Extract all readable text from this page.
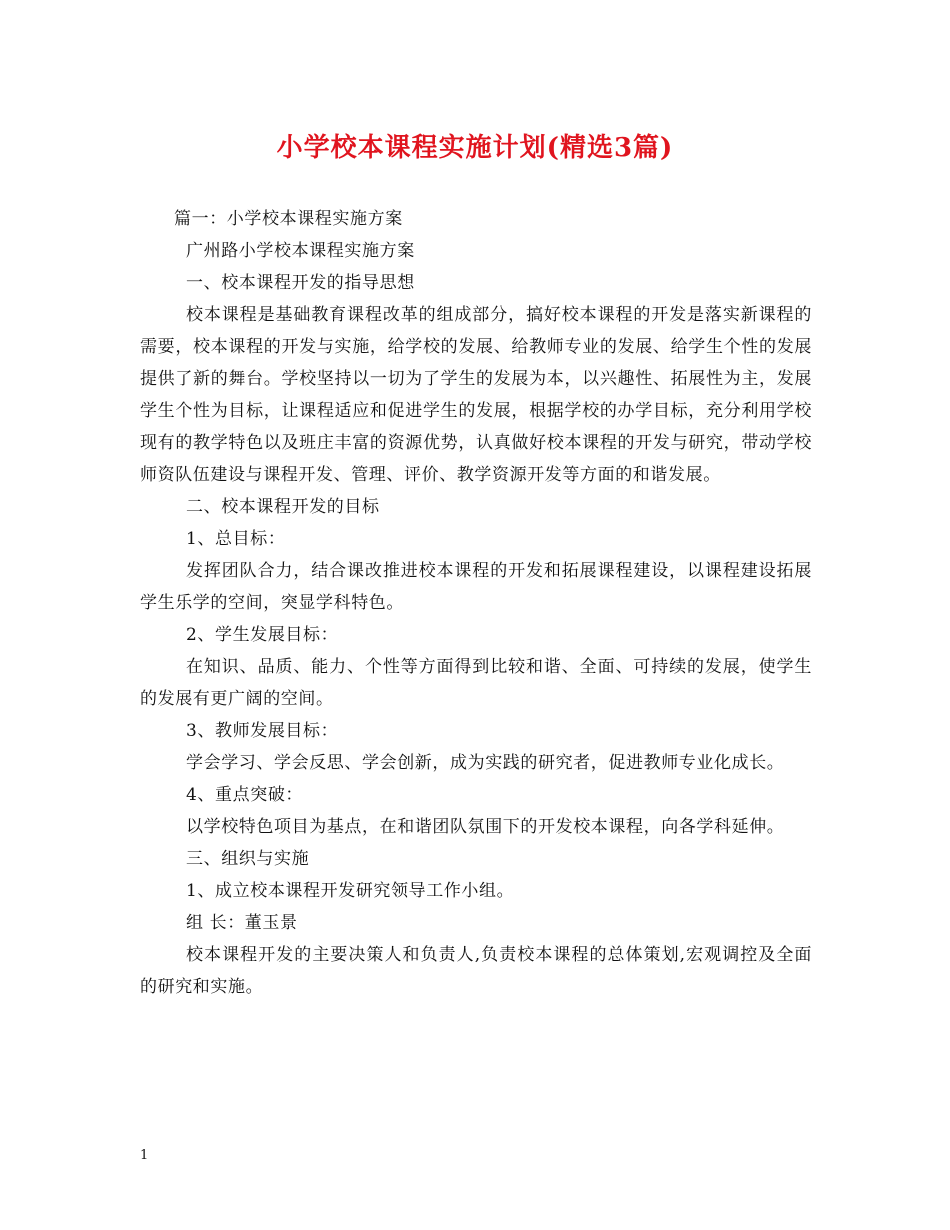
小学校本课程实施计划(精选3篇)

篇一：小学校本课程实施方案

广州路小学校本课程实施方案

一、校本课程开发的指导思想

校本课程是基础教育课程改革的组成部分，搞好校本课程的开发是落实新课程的需要，校本课程的开发与实施，给学校的发展、给教师专业的发展、给学生个性的发展提供了新的舞台。学校坚持以一切为了学生的发展为本，以兴趣性、拓展性为主，发展学生个性为目标，让课程适应和促进学生的发展，根据学校的办学目标，充分利用学校现有的教学特色以及班庄丰富的资源优势，认真做好校本课程的开发与研究，带动学校师资队伍建设与课程开发、管理、评价、教学资源开发等方面的和谐发展。

二、校本课程开发的目标

1、总目标：

发挥团队合力，结合课改推进校本课程的开发和拓展课程建设，以课程建设拓展学生乐学的空间，突显学科特色。

2、学生发展目标：

在知识、品质、能力、个性等方面得到比较和谐、全面、可持续的发展，使学生的发展有更广阔的空间。

3、教师发展目标：

学会学习、学会反思、学会创新，成为实践的研究者，促进教师专业化成长。

4、重点突破：

以学校特色项目为基点，在和谐团队氛围下的开发校本课程，向各学科延伸。

三、组织与实施

1、成立校本课程开发研究领导工作小组。

组 长：董玉景

校本课程开发的主要决策人和负责人,负责校本课程的总体策划,宏观调控及全面的研究和实施。

1
